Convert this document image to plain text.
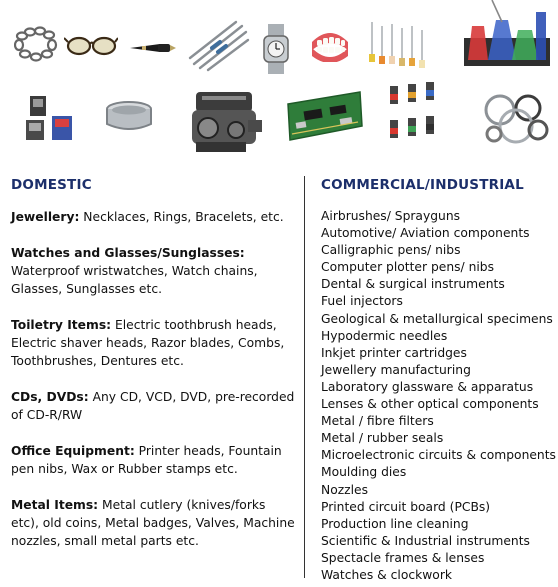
DOMESTIC
Jewellery: Necklaces, Rings, Bracelets, etc.
Watches and Glasses/Sunglasses: Waterproof wristwatches, Watch chains, Glasses, Sunglasses etc.
Toiletry Items: Electric toothbrush heads, Electric shaver heads, Razor blades, Combs, Toothbrushes, Dentures etc.
CDs, DVDs: Any CD, VCD, DVD, pre-recorded of CD-R/RW
Office Equipment: Printer heads, Fountain pen nibs, Wax or Rubber stamps etc.
Metal Items: Metal cutlery (knives/forks etc), old coins, Metal badges, Valves, Machine nozzles, small metal parts etc.
COMMERCIAL/INDUSTRIAL
Airbrushes/ Sprayguns
Automotive/ Aviation components
Calligraphic pens/ nibs
Computer plotter pens/ nibs
Dental & surgical instruments
Fuel injectors
Geological & metallurgical specimens
Hypodermic needles
Inkjet printer cartridges
Jewellery manufacturing
Laboratory glassware & apparatus
Lenses & other optical components
Metal / fibre filters
Metal / rubber seals
Microelectronic circuits & components
Moulding dies
Nozzles
Printed circuit board (PCBs)
Production line cleaning
Scientific & Industrial instruments
Spectacle frames & lenses
Watches & clockwork
